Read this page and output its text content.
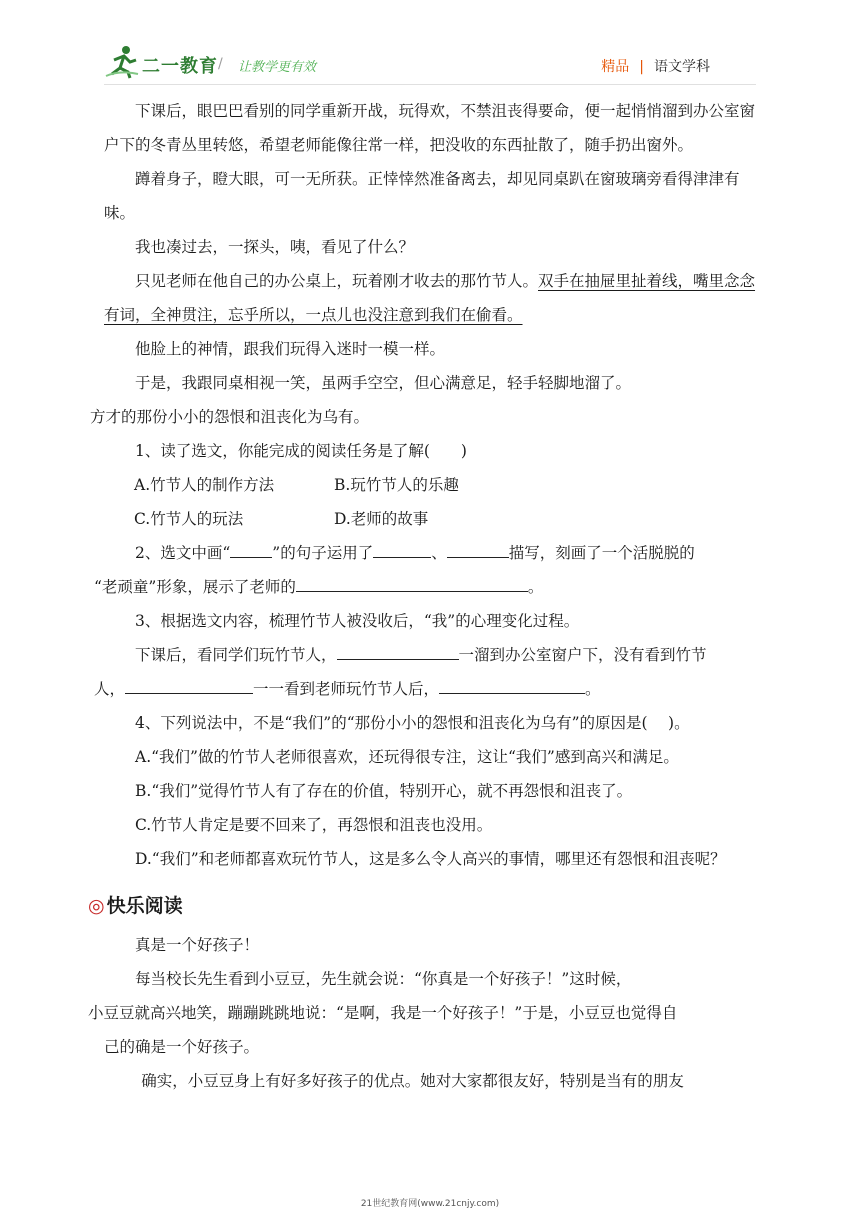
二一教育 / 让教学更有效	精品 | 语文学科

下课后，眼巴巴看别的同学重新开战，玩得欢，不禁沮丧得要命，便一起悄悄溜到办公室窗户下的冬青丛里转悠，希望老师能像往常一样，把没收的东西扯散了，随手扔出窗外。

蹲着身子，瞪大眼，可一无所获。正悻悻然准备离去，却见同桌趴在窗玻璃旁看得津津有味。

我也凑过去，一探头，咦，看见了什么？

只见老师在他自己的办公桌上，玩着刚才收去的那竹节人。双手在抽屉里扯着线，嘴里念念有词，全神贯注，忘乎所以，一点儿也没注意到我们在偷看。

他脸上的神情，跟我们玩得入迷时一模一样。

于是，我跟同桌相视一笑，虽两手空空，但心满意足，轻手轻脚地溜了。

方才的那份小小的怨恨和沮丧化为乌有。

1、读了选文，你能完成的阅读任务是了解(　　)

A.竹节人的制作方法	B.玩竹节人的乐趣

C.竹节人的玩法	D.老师的故事

2、选文中画“	”的句子运用了	、	描写，刻画了一个活脱脱的

“老顽童”形象，展示了老师的	。

3、根据选文内容，梳理竹节人被没收后，“我”的心理变化过程。

下课后，看同学们玩竹节人，	一溜到办公室窗户下，没有看到竹节

人，	一一看到老师玩竹节人后，	。

4、下列说法中，不是“我们”的“那份小小的怨恨和沮丧化为乌有”的原因是(　 )。

A.“我们”做的竹节人老师很喜欢，还玩得很专注，这让“我们”感到高兴和满足。

B.“我们”觉得竹节人有了存在的价值，特别开心，就不再怨恨和沮丧了。

C.竹节人肯定是要不回来了，再怨恨和沮丧也没用。

D.“我们”和老师都喜欢玩竹节人，这是多么令人高兴的事情，哪里还有怨恨和沮丧呢？

◎ 快乐阅读

真是一个好孩子！

每当校长先生看到小豆豆，先生就会说：“你真是一个好孩子！”这时候，

小豆豆就高兴地笑，蹦蹦跳跳地说：“是啊，我是一个好孩子！”于是，小豆豆也觉得自

己的确是一个好孩子。

确实，小豆豆身上有好多好孩子的优点。她对大家都很友好，特别是当有的朋友

21世纪教育网(www.21cnjy.com)
